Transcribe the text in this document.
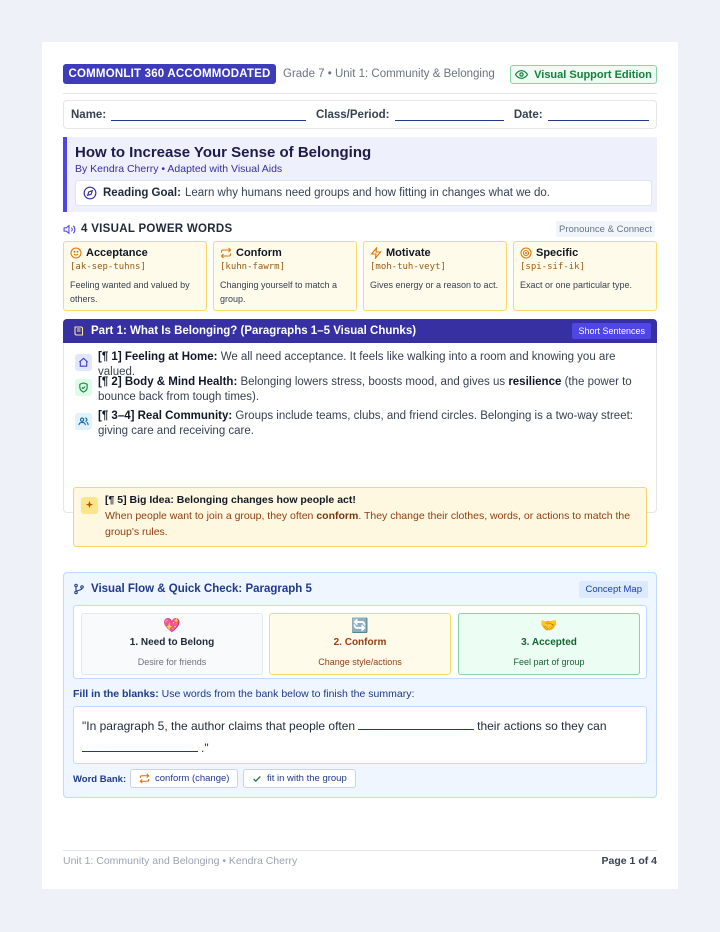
COMMONLIT 360 ACCOMMODATED	Grade 7 • Unit 1: Community & Belonging	Visual Support Edition
Name:	Class/Period:	Date:
How to Increase Your Sense of Belonging
By Kendra Cherry • Adapted with Visual Aids
Reading Goal: Learn why humans need groups and how fitting in changes what we do.
4 VISUAL POWER WORDS	Pronounce & Connect
Acceptance
[ak-sep-tuhns]
Feeling wanted and valued by others.
Conform
[kuhn-fawrm]
Changing yourself to match a group.
Motivate
[moh-tuh-veyt]
Gives energy or a reason to act.
Specific
[spi-sif-ik]
Exact or one particular type.
Part 1: What Is Belonging? (Paragraphs 1–5 Visual Chunks)	Short Sentences
[¶ 1] Feeling at Home: We all need acceptance. It feels like walking into a room and knowing you are valued.
[¶ 2] Body & Mind Health: Belonging lowers stress, boosts mood, and gives us resilience (the power to bounce back from tough times).
[¶ 3–4] Real Community: Groups include teams, clubs, and friend circles. Belonging is a two-way street: giving care and receiving care.
[¶ 5] Big Idea: Belonging changes how people act!
When people want to join a group, they often conform. They change their clothes, words, or actions to match the group's rules.
Visual Flow & Quick Check: Paragraph 5	Concept Map
💖
1. Need to Belong
Desire for friends
🔄
2. Conform
Change style/actions
🤝
3. Accepted
Feel part of group
Fill in the blanks: Use words from the bank below to finish the summary:
"In paragraph 5, the author claims that people often	their actions so they can
."
Word Bank:	conform (change)	fit in with the group
Unit 1: Community and Belonging • Kendra Cherry	Page 1 of 4
